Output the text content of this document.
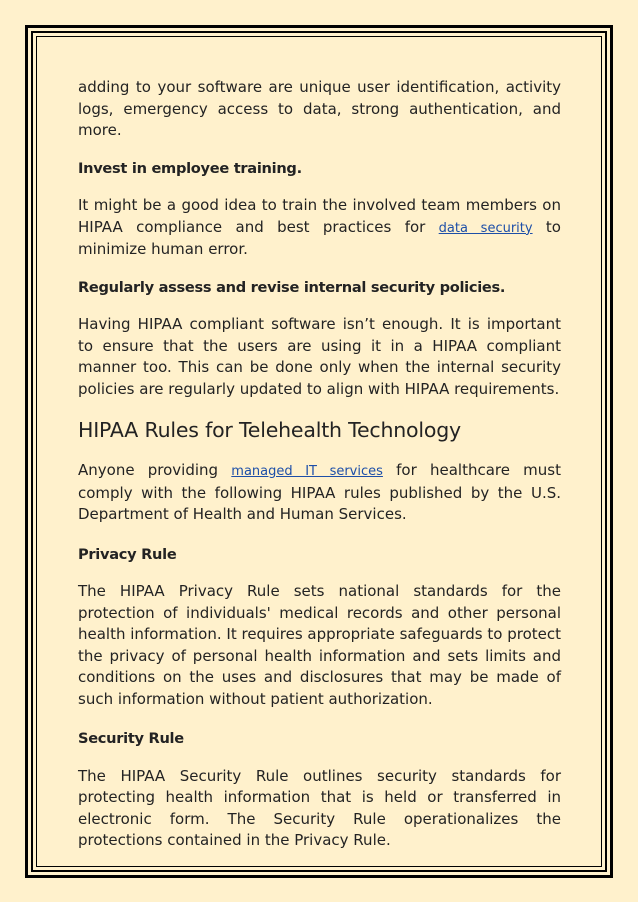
adding to your software are unique user identification, activity logs, emergency access to data, strong authentication, and more.

Invest in employee training.

It might be a good idea to train the involved team members on HIPAA compliance and best practices for data security to minimize human error.

Regularly assess and revise internal security policies.

Having HIPAA compliant software isn’t enough. It is important to ensure that the users are using it in a HIPAA compliant manner too. This can be done only when the internal security policies are regularly updated to align with HIPAA requirements.

HIPAA Rules for Telehealth Technology

Anyone providing managed IT services for healthcare must comply with the following HIPAA rules published by the U.S. Department of Health and Human Services.

Privacy Rule

The HIPAA Privacy Rule sets national standards for the protection of individuals' medical records and other personal health information. It requires appropriate safeguards to protect the privacy of personal health information and sets limits and conditions on the uses and disclosures that may be made of such information without patient authorization.

Security Rule

The HIPAA Security Rule outlines security standards for protecting health information that is held or transferred in electronic form. The Security Rule operationalizes the protections contained in the Privacy Rule.
